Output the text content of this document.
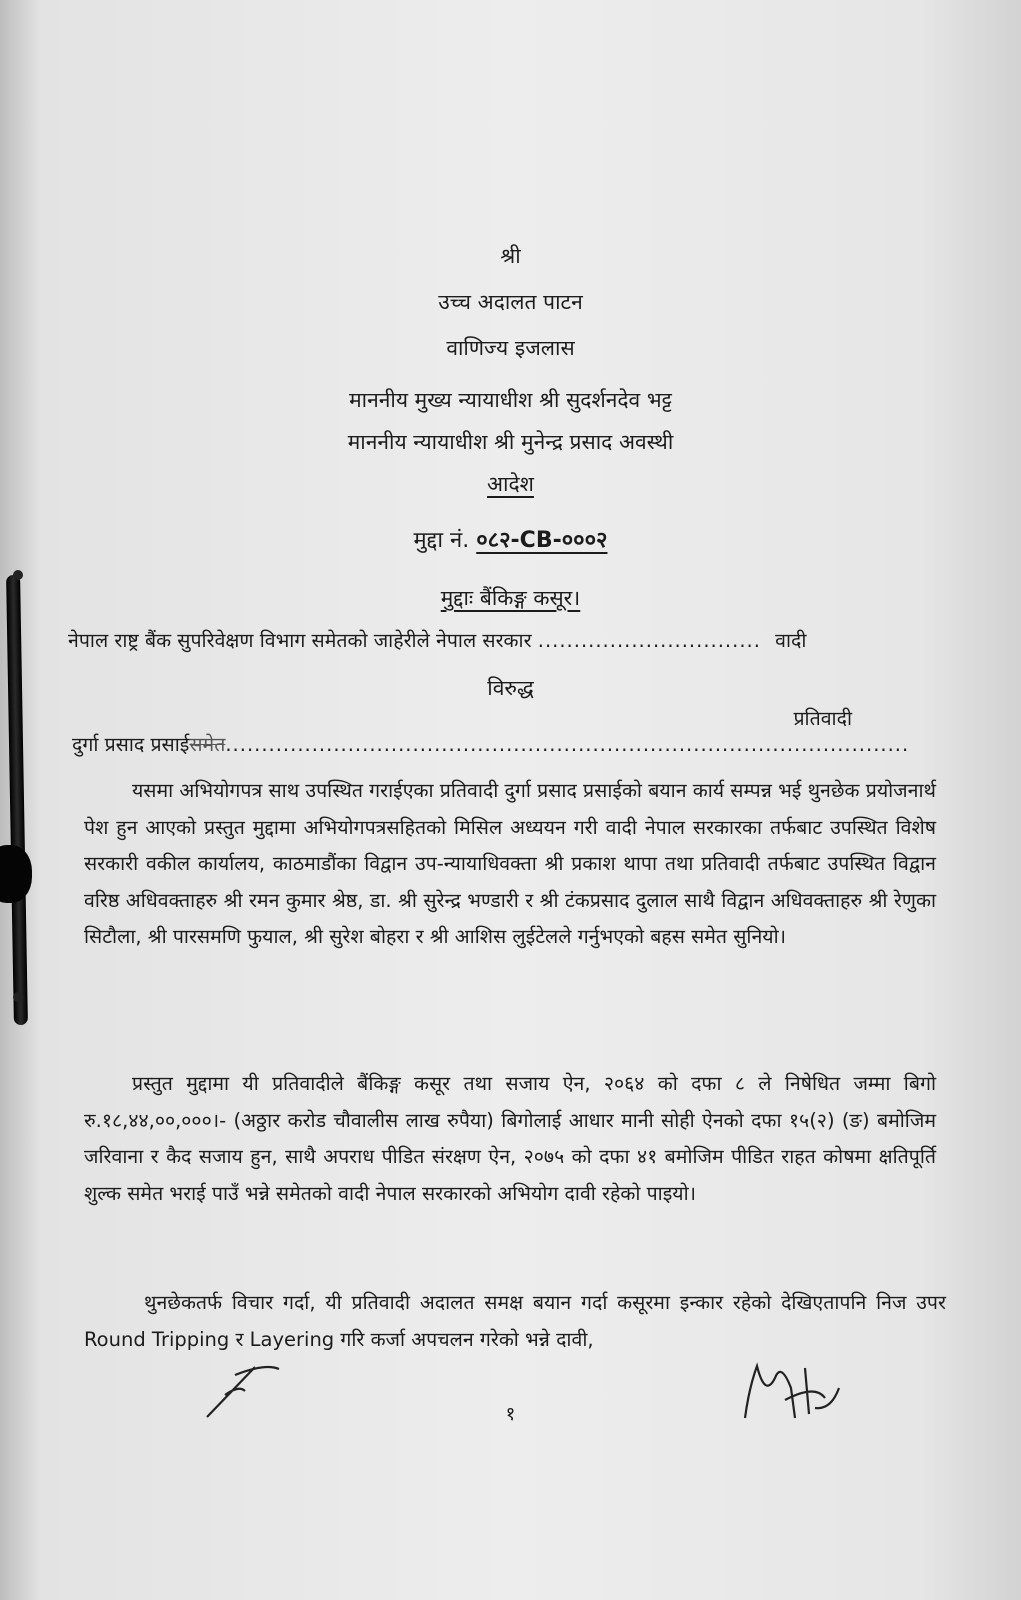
श्री
उच्च अदालत पाटन
वाणिज्य इजलास
माननीय मुख्य न्यायाधीश श्री सुदर्शनदेव भट्ट
माननीय न्यायाधीश श्री मुनेन्द्र प्रसाद अवस्थी
आदेश
मुद्दा नं. ०८२-CB-०००२
मुद्दाः बैंकिङ्ग कसूर।
नेपाल राष्ट्र बैंक सुपरिवेक्षण विभाग समेतको जाहेरीले नेपाल सरकार ............................... वादी
विरुद्ध
प्रतिवादी
दुर्गा प्रसाद प्रसाईसमेत...............................................................................................
यसमा अभियोगपत्र साथ उपस्थित गराईएका प्रतिवादी दुर्गा प्रसाद प्रसाईको बयान कार्य सम्पन्न भई थुनछेक प्रयोजनार्थ पेश हुन आएको प्रस्तुत मुद्दामा अभियोगपत्रसहितको मिसिल अध्ययन गरी वादी नेपाल सरकारका तर्फबाट उपस्थित विशेष सरकारी वकील कार्यालय, काठमाडौंका विद्वान उप-न्यायाधिवक्ता श्री प्रकाश थापा तथा प्रतिवादी तर्फबाट उपस्थित विद्वान वरिष्ठ अधिवक्ताहरु श्री रमन कुमार श्रेष्ठ, डा. श्री सुरेन्द्र भण्डारी र श्री टंकप्रसाद दुलाल साथै विद्वान अधिवक्ताहरु श्री रेणुका सिटौला, श्री पारसमणि फुयाल, श्री सुरेश बोहरा र श्री आशिस लुईटेलले गर्नुभएको बहस समेत सुनियो।
प्रस्तुत मुद्दामा यी प्रतिवादीले बैंकिङ्ग कसूर तथा सजाय ऐन, २०६४ को दफा ८ ले निषेधित जम्मा बिगो रु.१८,४४,००,०००।- (अठ्ठार करोड चौवालीस लाख रुपैया) बिगोलाई आधार मानी सोही ऐनको दफा १५(२) (ङ) बमोजिम जरिवाना र कैद सजाय हुन, साथै अपराध पीडित संरक्षण ऐन, २०७५ को दफा ४१ बमोजिम पीडित राहत कोषमा क्षतिपूर्ति शुल्क समेत भराई पाउँ भन्ने समेतको वादी नेपाल सरकारको अभियोग दावी रहेको पाइयो।
थुनछेकतर्फ विचार गर्दा, यी प्रतिवादी अदालत समक्ष बयान गर्दा कसूरमा इन्कार रहेको देखिएतापनि निज उपर Round Tripping र Layering गरि कर्जा अपचलन गरेको भन्ने दावी,
१
